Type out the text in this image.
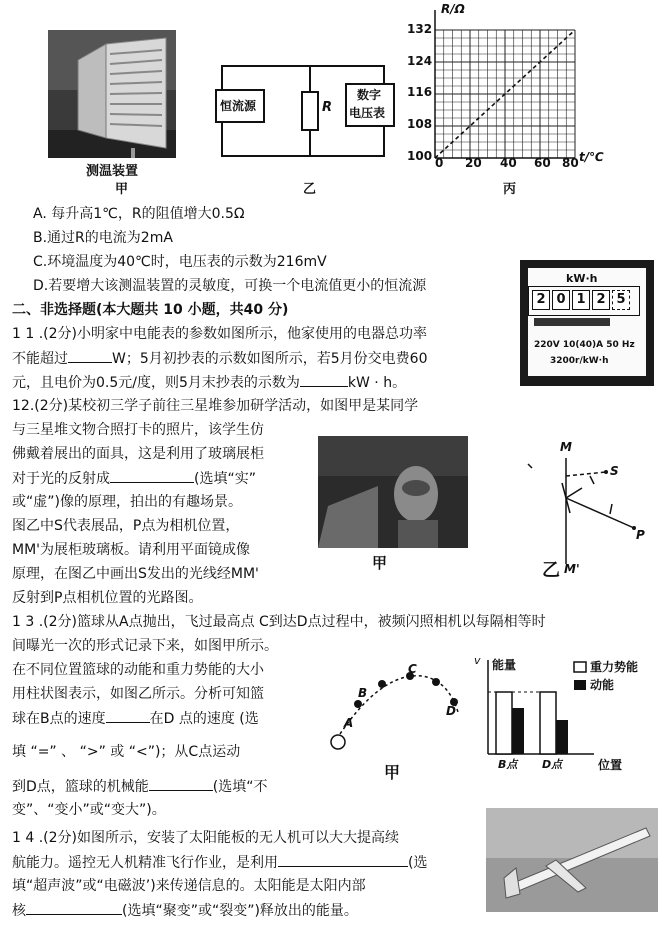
测温装置
甲
恒流源	R
数字
电压表
乙
R/Ω
t/℃
132
124
116
108
100 0 20 40 60 80
丙
A. 每升高1℃，R的阻值增大0.5Ω
B.通过R的电流为2mA
C.环境温度为40℃时，电压表的示数为216mV
D.若要增大该测温装置的灵敏度，可换一个电流值更小的恒流源	kW·h
2 0 1 2 5
220V 10(40)A 50 Hz
3200r/kW·h
二、非选择题(本大题共 10 小题，共40 分)
1 1 .(2分)小明家中电能表的参数如图所示，他家使用的电器总功率
不能超过	W；5月初抄表的示数如图所示，若5月份交电费60
元，且电价为0.5元/度，则5月末抄表的示数为	kW · h。
12.(2分)某校初三学子前往三星堆参加研学活动，如图甲是某同学
与三星堆文物合照打卡的照片，该学生仿
佛戴着展出的面具，这是利用了玻璃展柜
对于光的反射成	(选填“实”
或“虚”)像的原理，拍出的有趣场景。
图乙中S代表展品，P点为相机位置，
MM'为展柜玻璃板。请利用平面镜成像
原理，在图乙中画出S发出的光线经MM'
反射到P点相机位置的光路图。
甲
M
S
P
M'
乙
1 3 .(2分)篮球从A点抛出，飞过最高点 C到达D点过程中，被频闪照相机以每隔相等时
间曝光一次的形式记录下来，如图甲所示。
在不同位置篮球的动能和重力势能的大小
用柱状图表示，如图乙所示。分析可知篮
球在B点的速度	在D 点的速度 (选
填 “=” 、 “>” 或 “<”)；从C点运动
到D点，篮球的机械能	(选填“不
变”、“变小”或“变大”)。
A
B
C
D
甲
v 能量	重力势能
动能
B点 D点	位置
1 4 .(2分)如图所示，安装了太阳能板的无人机可以大大提高续
航能力。遥控无人机精准飞行作业，是利用	(选
填“超声波”或“电磁波’)来传递信息的。太阳能是太阳内部
核	(选填“聚变”或“裂变”)释放出的能量。
